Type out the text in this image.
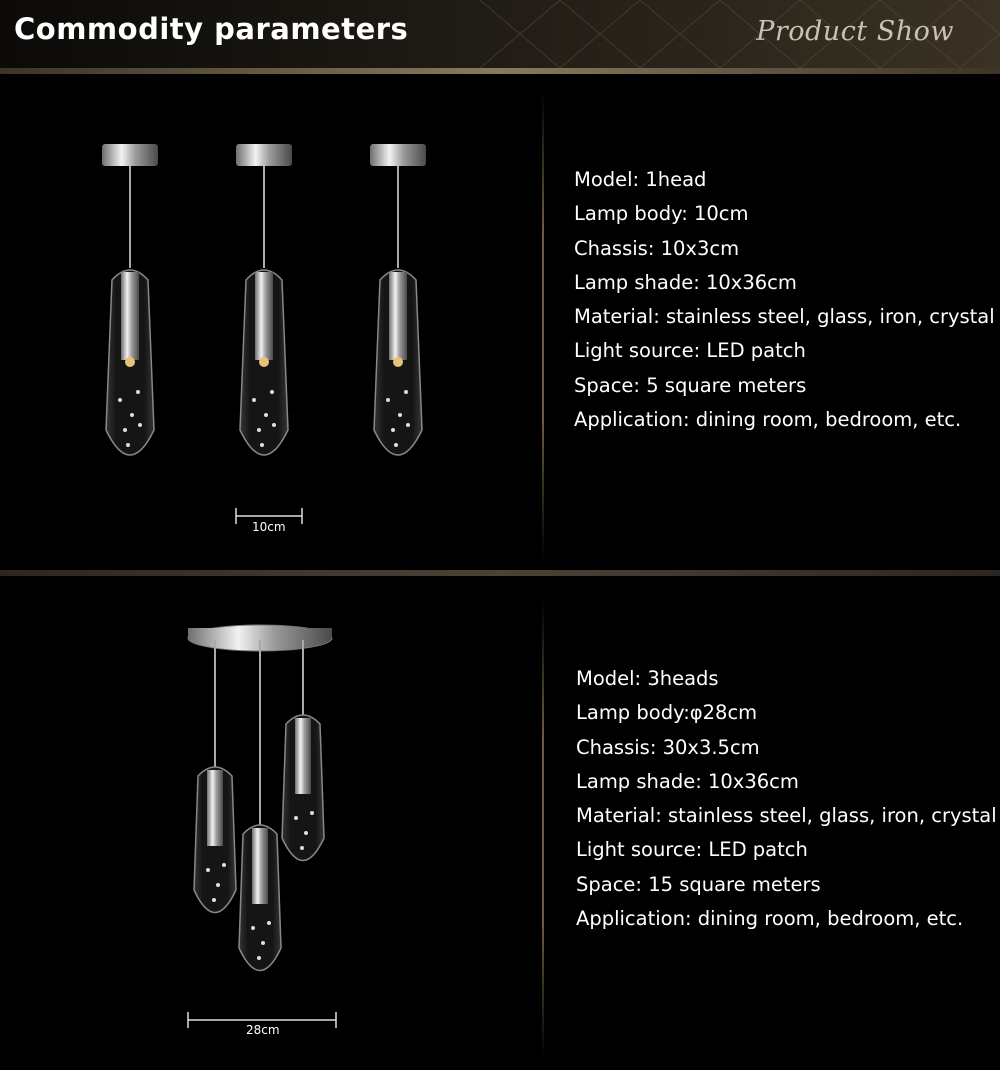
Commodity parameters	Product Show
10cm
Model: 1head
Lamp body: 10cm
Chassis: 10x3cm
Lamp shade: 10x36cm
Material: stainless steel, glass, iron, crystal
Light source: LED patch
Space: 5 square meters
Application: dining room, bedroom, etc.
28cm
Model: 3heads
Lamp body:φ28cm
Chassis: 30x3.5cm
Lamp shade: 10x36cm
Material: stainless steel, glass, iron, crystal
Light source: LED patch
Space: 15 square meters
Application: dining room, bedroom, etc.
